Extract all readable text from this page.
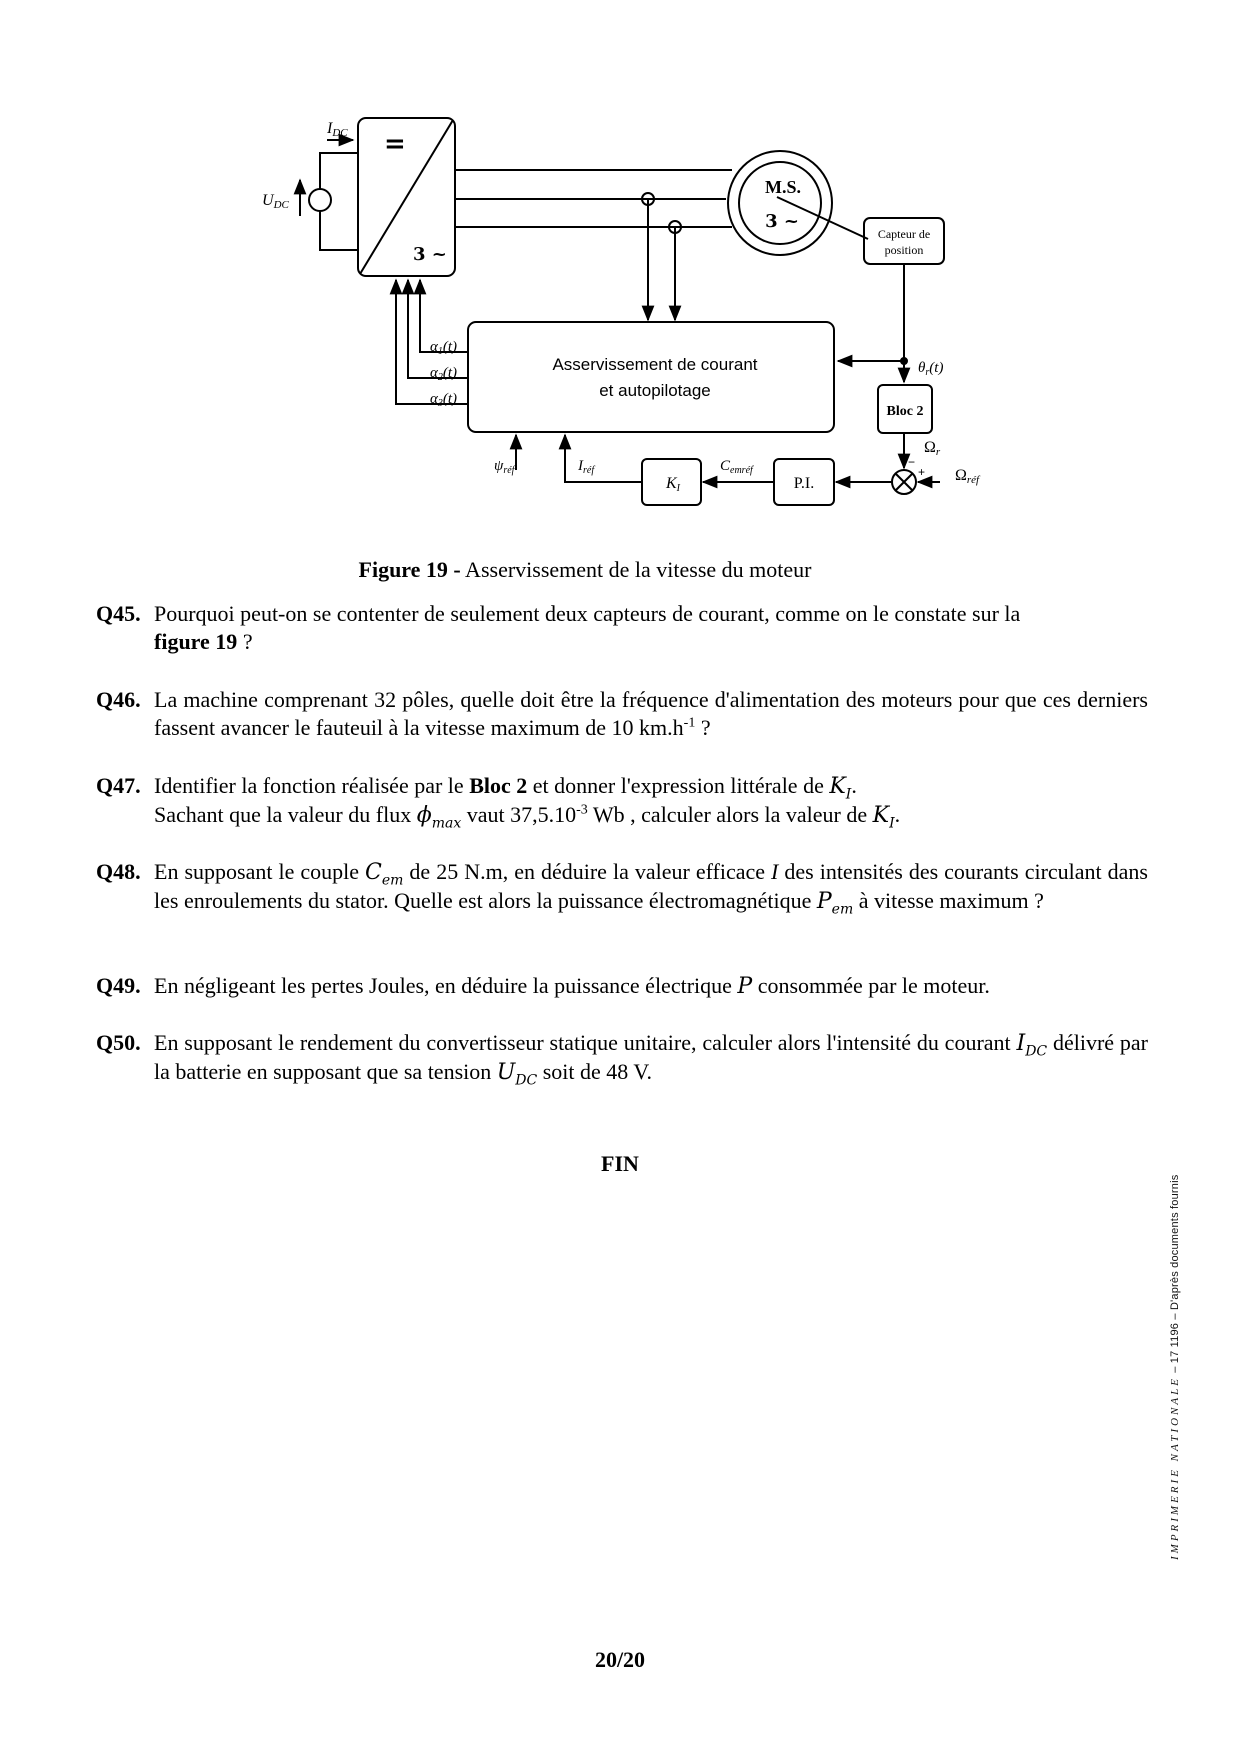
=
3 ~
M.S.
3 ~
Capteur de
position
IDC
UDC
$\alpha_1(t)$
$\alpha_2(t)$
$\alpha_3(t)$
Asservissement de courant
et autopilotage
$\theta_r(t)$
Bloc 2
Ωr
Ωréf
+
−
P.I.
$C_{emréf}$
KI
$I_{réf}$
$\psi_{réf}$
Figure 19 - Asservissement de la vitesse du moteur
Q45. Pourquoi peut-on se contenter de seulement deux capteurs de courant, comme on le constate sur la
figure 19 ?
Q46. La machine comprenant 32 pôles, quelle doit être la fréquence d'alimentation des moteurs pour que ces derniers fassent avancer le fauteuil à la vitesse maximum de 10 $km.h^{-1}$ ?
Q47. Identifier la fonction réalisée par le Bloc 2 et donner l'expression littérale de $K_I$.
Sachant que la valeur du flux $\phi_{max}$ vaut $37,5.10^{-3}$ Wb , calculer alors la valeur de $K_I$.
Q48. En supposant le couple $C_{em}$ de 25 N.m, en déduire la valeur efficace I des intensités des courants circulant dans les enroulements du stator. Quelle est alors la puissance électromagnétique $P_{em}$ à vitesse maximum ?
Q49. En négligeant les pertes Joules, en déduire la puissance électrique P consommée par le moteur.
Q50. En supposant le rendement du convertisseur statique unitaire, calculer alors l'intensité du courant $I_{DC}$ délivré par la batterie en supposant que sa tension $U_{DC}$ soit de 48 V.
FIN
20/20
IMPRIMERIE NATIONALE – 17 1196 – D'après documents fournis
